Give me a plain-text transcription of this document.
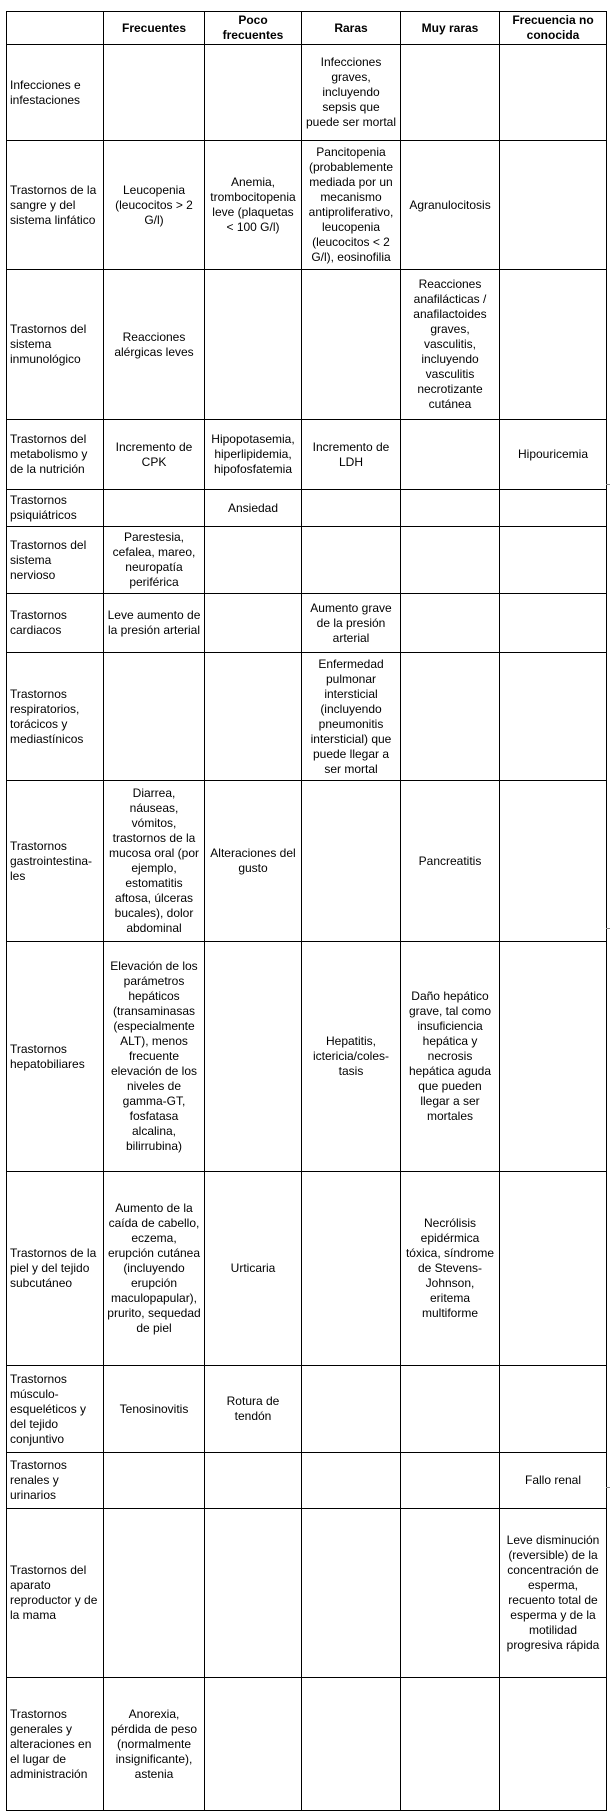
	Frecuentes	Poco frecuentes	Raras	Muy raras	Frecuencia no conocida
Infecciones e infestaciones			Infecciones graves, incluyendo sepsis que puede ser mortal		
Trastornos de la sangre y del sistema linfático	Leucopenia (leucocitos > 2 G/l)	Anemia, trombocitopenia leve (plaquetas < 100 G/l)	Pancitopenia (probablemente mediada por un mecanismo antiproliferativo, leucopenia (leucocitos < 2 G/l), eosinofilia	Agranulocitosis	
Trastornos del sistema inmunológico	Reacciones alérgicas leves			Reacciones anafilácticas / anafilactoides graves, vasculitis, incluyendo vasculitis necrotizante cutánea	
Trastornos del metabolismo y de la nutrición	Incremento de CPK	Hipopotasemia, hiperlipidemia, hipofosfatemia	Incremento de LDH		Hipouricemia
Trastornos psiquiátricos		Ansiedad			
Trastornos del sistema nervioso	Parestesia, cefalea, mareo, neuropatía periférica				
Trastornos cardiacos	Leve aumento de la presión arterial		Aumento grave de la presión arterial		
Trastornos respiratorios, torácicos y mediastínicos			Enfermedad pulmonar intersticial (incluyendo pneumonitis intersticial) que puede llegar a ser mortal		
Trastornos gastrointestina-les	Diarrea, náuseas, vómitos, trastornos de la mucosa oral (por ejemplo, estomatitis aftosa, úlceras bucales), dolor abdominal	Alteraciones del gusto		Pancreatitis	
Trastornos hepatobiliares	Elevación de los parámetros hepáticos (transaminasas (especialmente ALT), menos frecuente elevación de los niveles de gamma-GT, fosfatasa alcalina, bilirrubina)		Hepatitis, ictericia/coles-tasis	Daño hepático grave, tal como insuficiencia hepática y necrosis hepática aguda que pueden llegar a ser mortales	
Trastornos de la piel y del tejido subcutáneo	Aumento de la caída de cabello, eczema, erupción cutánea (incluyendo erupción maculopapular), prurito, sequedad de piel	Urticaria		Necrólisis epidérmica tóxica, síndrome de Stevens-Johnson, eritema multiforme	
Trastornos músculo-esqueléticos y del tejido conjuntivo	Tenosinovitis	Rotura de tendón			
Trastornos renales y urinarios					Fallo renal
Trastornos del aparato reproductor y de la mama					Leve disminución (reversible) de la concentración de esperma, recuento total de esperma y de la motilidad progresiva rápida
Trastornos generales y alteraciones en el lugar de administración	Anorexia, pérdida de peso (normalmente insignificante), astenia				
